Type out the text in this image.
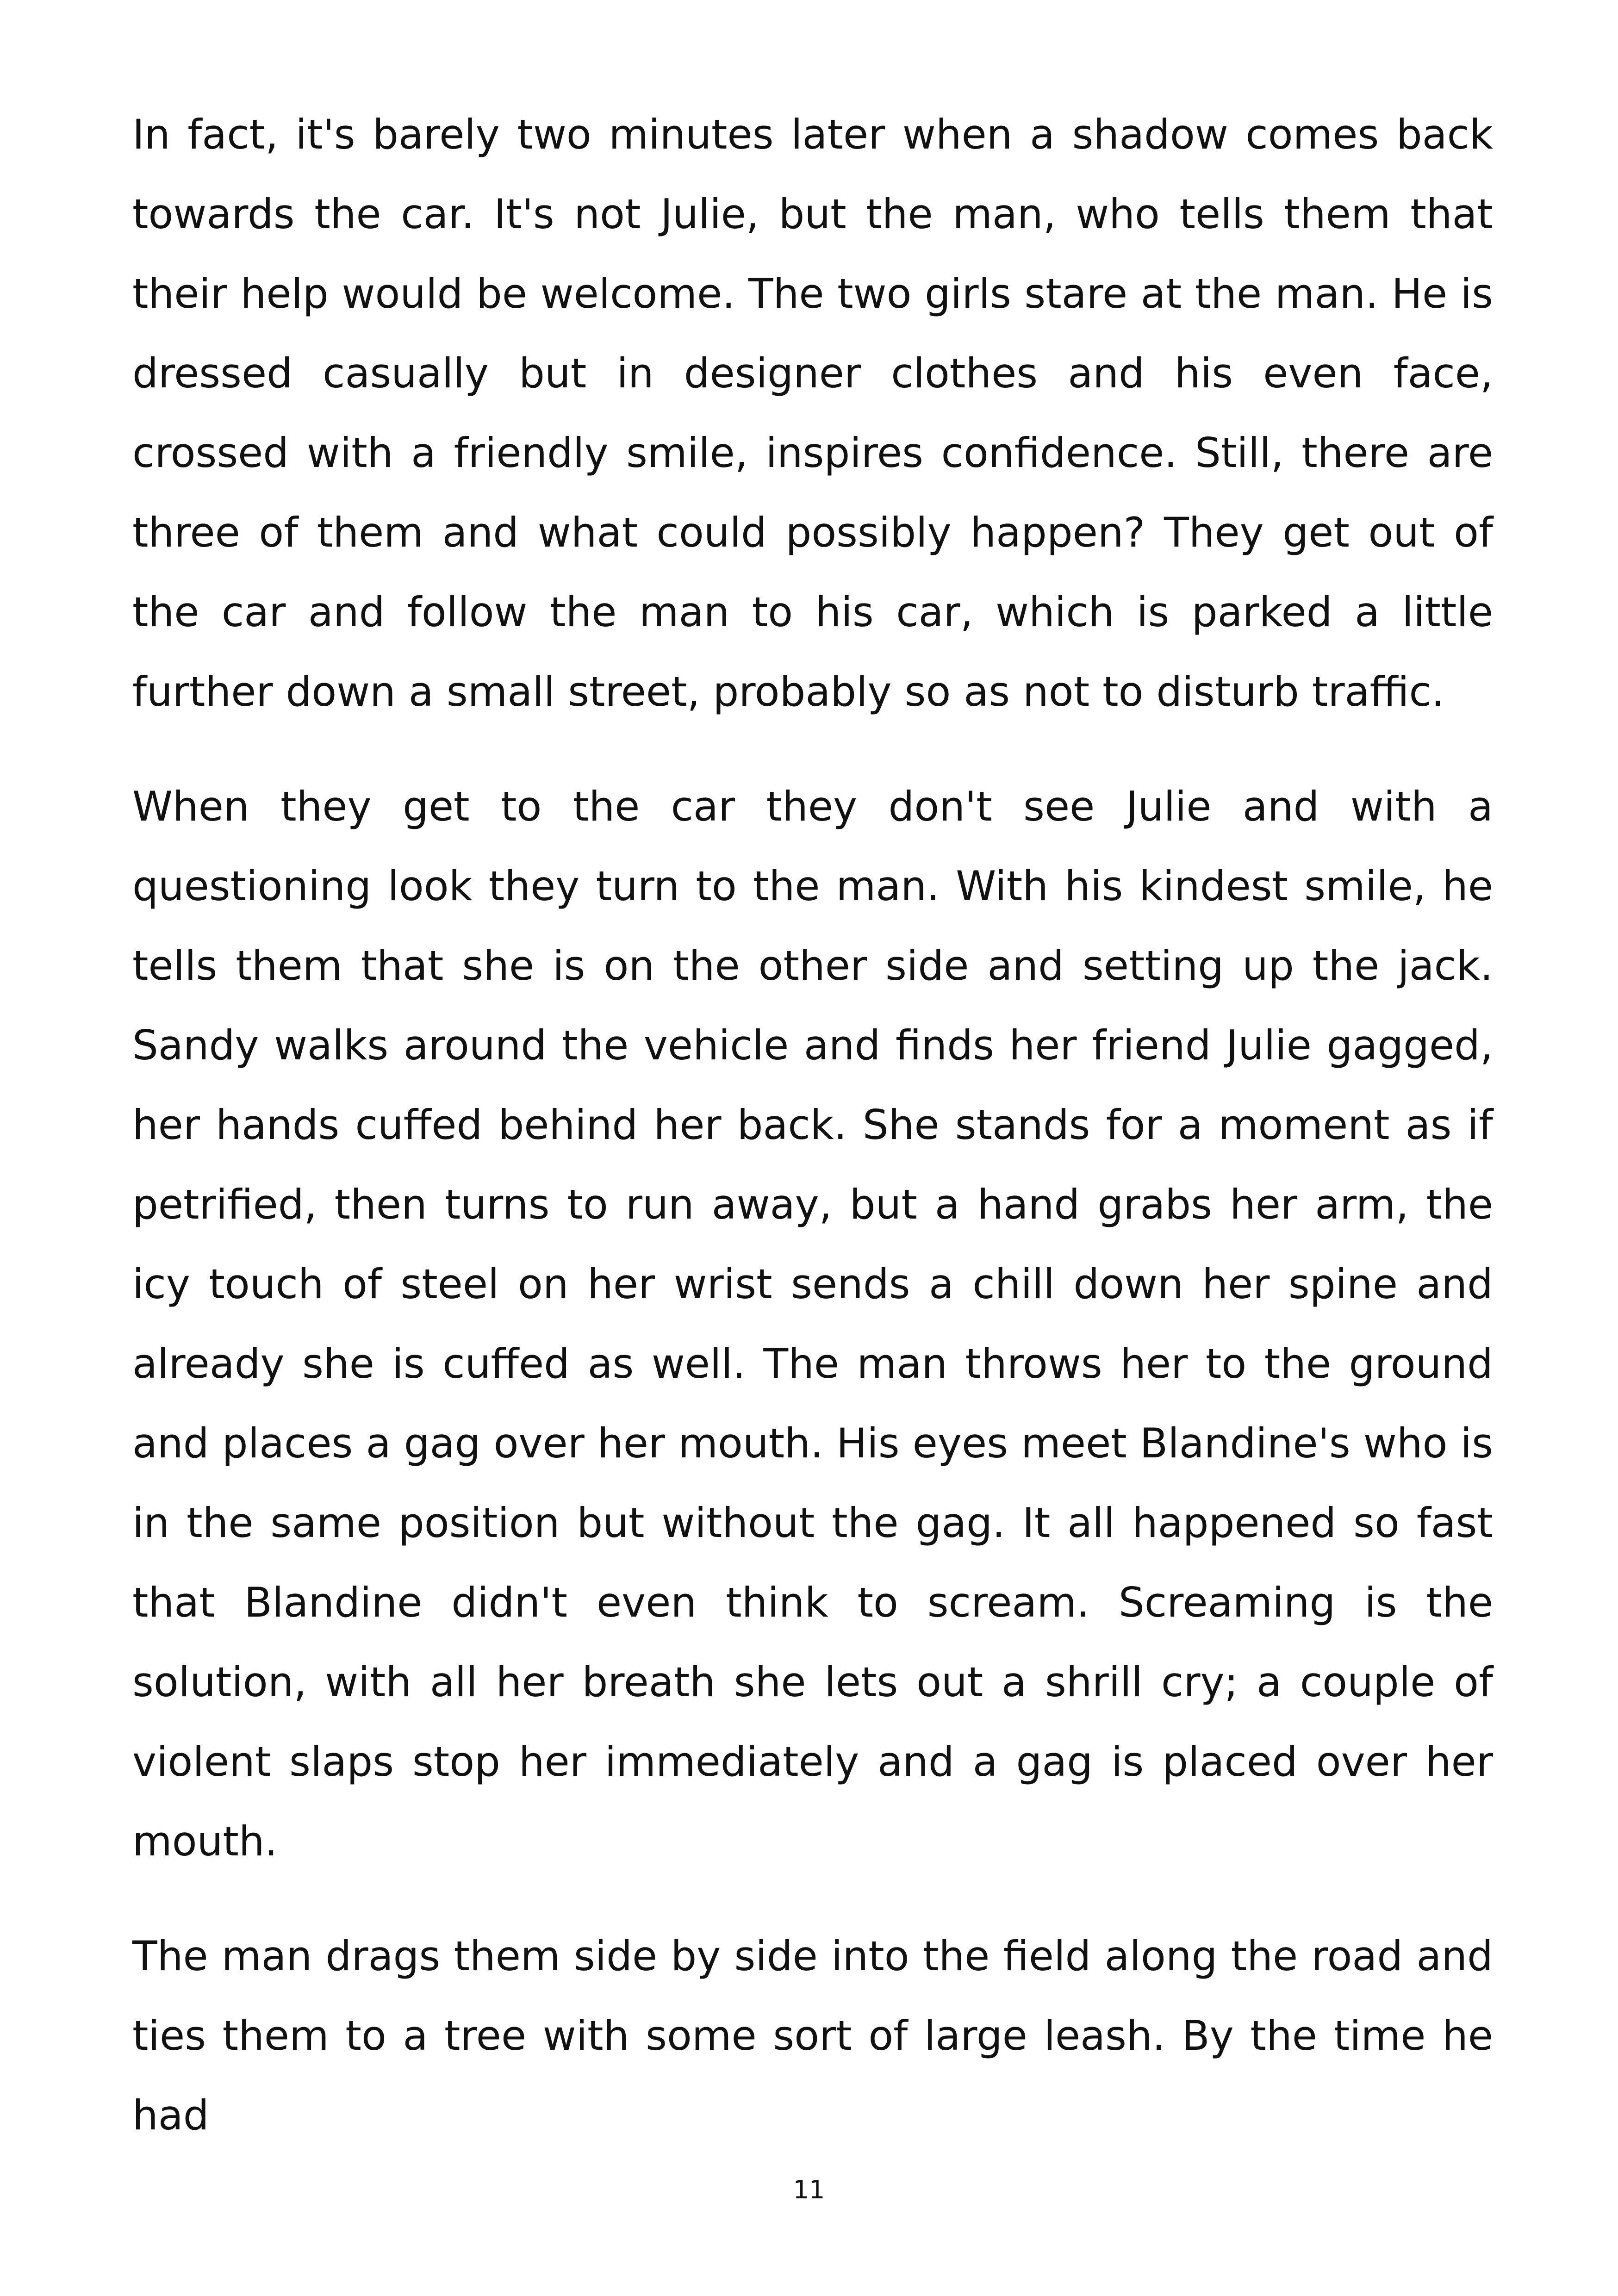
In fact, it's barely two minutes later when a shadow comes back towards the car. It's not Julie, but the man, who tells them that their help would be welcome. The two girls stare at the man. He is dressed casually but in designer clothes and his even face, crossed with a friendly smile, inspires confidence. Still, there are three of them and what could possibly happen? They get out of the car and follow the man to his car, which is parked a little further down a small street, probably so as not to disturb traffic.

When they get to the car they don't see Julie and with a questioning look they turn to the man. With his kindest smile, he tells them that she is on the other side and setting up the jack. Sandy walks around the vehicle and finds her friend Julie gagged, her hands cuffed behind her back. She stands for a moment as if petrified, then turns to run away, but a hand grabs her arm, the icy touch of steel on her wrist sends a chill down her spine and already she is cuffed as well. The man throws her to the ground and places a gag over her mouth. His eyes meet Blandine's who is in the same position but without the gag. It all happened so fast that Blandine didn't even think to scream. Screaming is the solution, with all her breath she lets out a shrill cry; a couple of violent slaps stop her immediately and a gag is placed over her mouth.

The man drags them side by side into the field along the road and ties them to a tree with some sort of large leash. By the time he had

11
